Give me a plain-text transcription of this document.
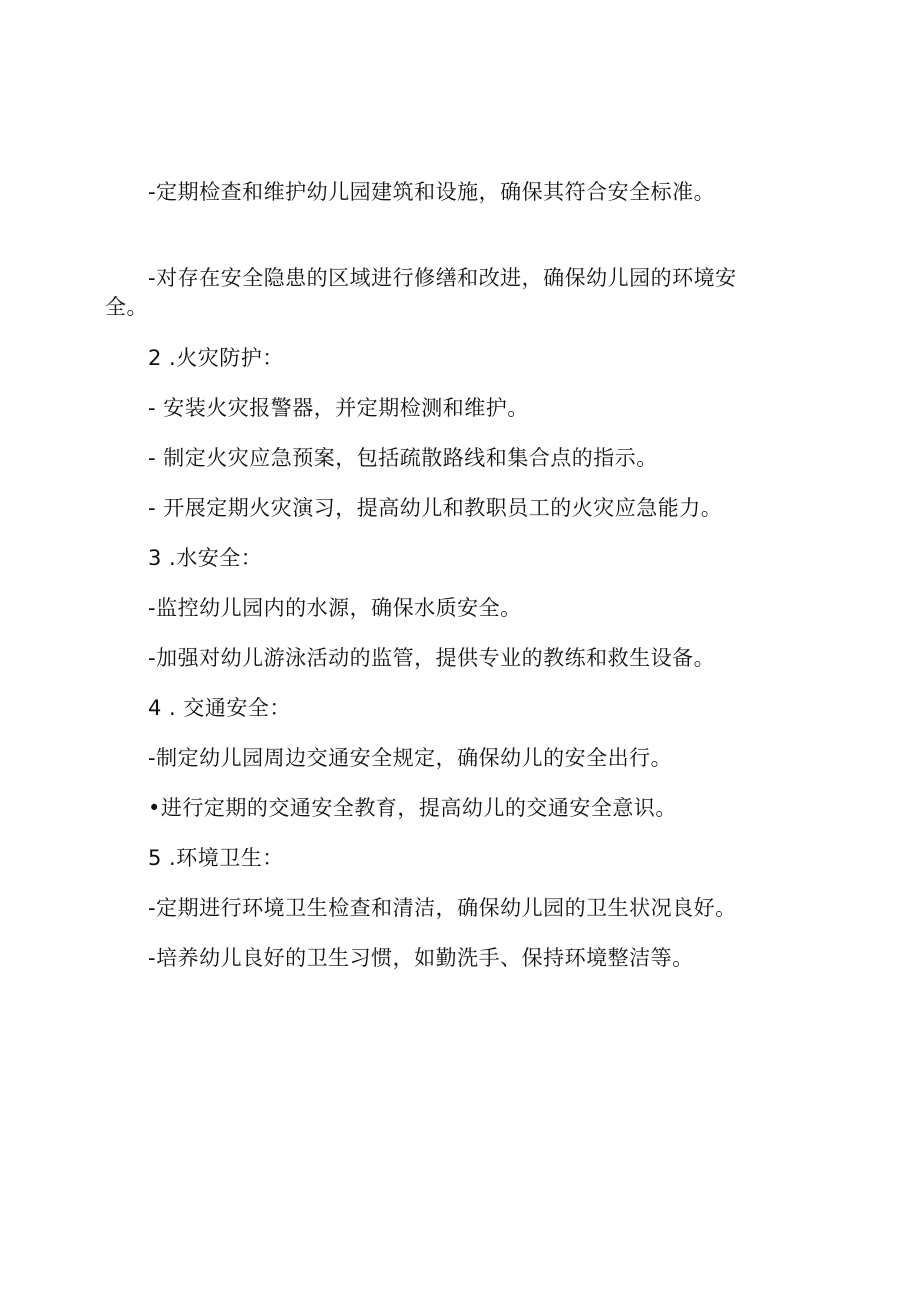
-定期检查和维护幼儿园建筑和设施，确保其符合安全标准。
-对存在安全隐患的区域进行修缮和改进，确保幼儿园的环境安
全。
2 .火灾防护：
- 安装火灾报警器，并定期检测和维护。
- 制定火灾应急预案，包括疏散路线和集合点的指示。
- 开展定期火灾演习，提高幼儿和教职员工的火灾应急能力。
3 .水安全：
-监控幼儿园内的水源，确保水质安全。
-加强对幼儿游泳活动的监管，提供专业的教练和救生设备。
4 . 交通安全：
-制定幼儿园周边交通安全规定，确保幼儿的安全出行。
•进行定期的交通安全教育，提高幼儿的交通安全意识。
5 .环境卫生：
-定期进行环境卫生检查和清洁，确保幼儿园的卫生状况良好。
-培养幼儿良好的卫生习惯，如勤洗手、保持环境整洁等。
